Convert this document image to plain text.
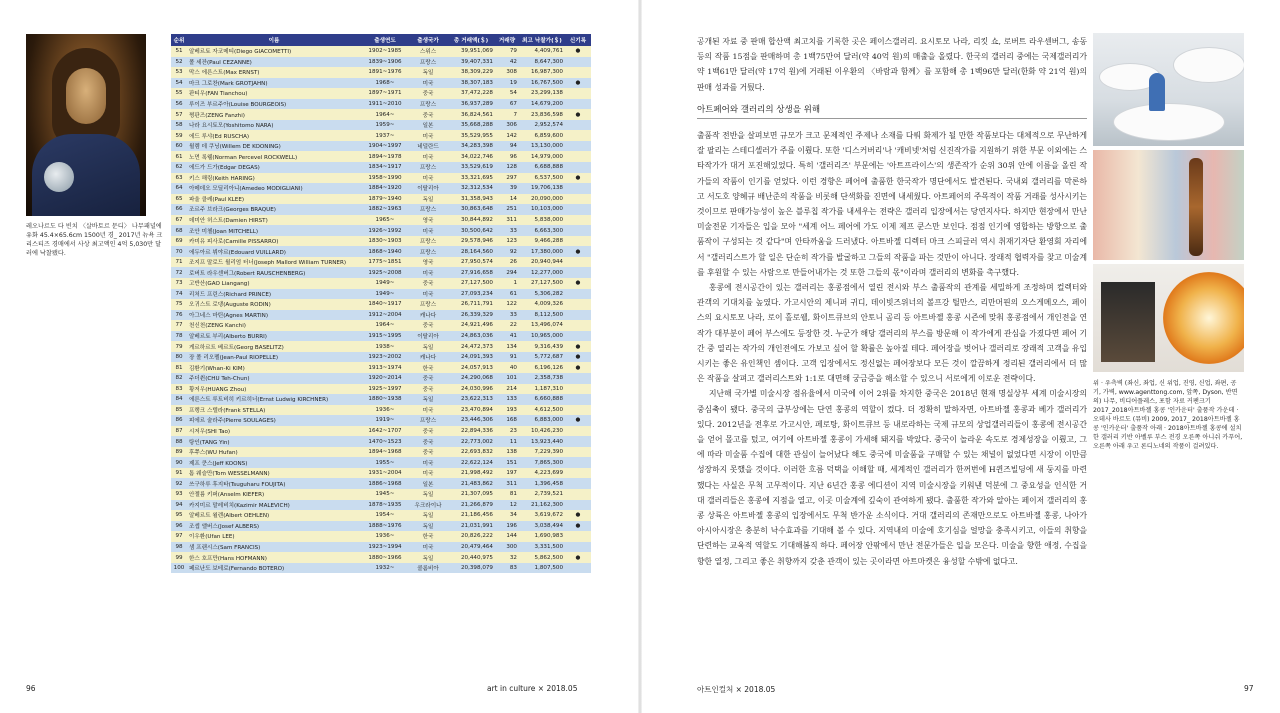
레오나르도 다 빈치 〈살바토르 문디〉 나무패널에 유화 45.4×65.6cm 1500년 경_ 2017년 뉴욕 크리스티즈 경매에서 사상 최고액인 4억 5,030만 달러에 낙찰됐다.
순위	이름	출생연도	출생국가	총 거래액(＄)	거래량	최고 낙찰가(＄)	신기록
51	알베르토 자코메티(Diego GIACOMETTI)	1902~1985	스위스	39,951,069	79	4,409,761	●
52	폴 세잔(Paul CEZANNE)	1839~1906	프랑스	39,407,331	42	8,647,300	
53	막스 에른스트(Max ERNST)	1891~1976	독일	38,309,229	308	16,987,300	
54	마크 그로찬(Mark GROTJAHN)	1968~	미국	38,307,183	19	16,767,500	●
55	판티우(FAN Tianchou)	1897~1971	중국	37,472,228	54	23,299,138	
56	루이즈 부르주아(Louise BOURGEOIS)	1911~2010	프랑스	36,937,289	67	14,679,200	
57	쩡판즈(ZENG Fanzhi)	1964~	중국	36,824,561	7	23,836,598	●
58	나라 요시토모(Yoshitomo NARA)	1959~	일본	35,668,288	306	2,952,574	
59	에드 루샤(Ed RUSCHA)	1937~	미국	35,529,955	142	6,859,600	
60	윌렘 데 쿠닝(Willem DE KOONING)	1904~1997	네덜란드	34,283,398	94	13,130,000	
61	노먼 록웰(Norman Percevel ROCKWELL)	1894~1978	미국	34,022,746	96	14,979,000	
62	에드가 드가(Edgar DEGAS)	1834~1917	프랑스	33,529,619	128	6,688,888	
63	키스 해링(Keith HARING)	1958~1990	미국	33,321,695	297	6,537,500	●
64	아메데오 모딜리아니(Amedeo MODIGLIANI)	1884~1920	이탈리아	32,312,534	39	19,706,138	
65	파울 클레(Paul KLEE)	1879~1940	독일	31,358,943	14	20,090,000	
66	조르주 브라크(Georges BRAQUE)	1882~1963	프랑스	30,863,648	251	10,103,000	
67	데미안 허스트(Damien HIRST)	1965~	영국	30,844,892	311	5,838,000	
68	조안 미첼(Joan MITCHELL)	1926~1992	미국	30,500,642	33	6,663,300	
69	카미유 피사로(Camille PISSARRO)	1830~1903	프랑스	29,578,946	123	9,466,288	
70	에두아르 뷔야르(Edouard VUILLARD)	1868~1940	프랑스	28,164,560	92	17,380,000	●
71	조지프 말로드 윌리엄 터너(Joseph Mallord William TURNER)	1775~1851	영국	27,950,574	26	20,940,944	
72	로버트 라우센버그(Robert RAUSCHENBERG)	1925~2008	미국	27,916,658	294	12,277,000	
73	고반산(GAO Liangang)	1949~	중국	27,127,500	1	27,127,500	●
74	리처드 프린스(Richard PRINCE)	1949~	미국	27,093,234	61	5,306,282	
75	오귀스트 로댕(Auguste RODIN)	1840~1917	프랑스	26,711,791	122	4,009,326	
76	아그네스 마틴(Agnes MARTIN)	1912~2004	캐나다	26,339,329	33	8,112,500	
77	천신천(ZENG Kanchi)	1964~	중국	24,921,496	22	13,496,074	
78	알베르토 부리(Alberto BURRI)	1915~1995	이탈리아	24,863,036	41	10,965,000	
79	게르하르트 베르트(Georg BASELITZ)	1938~	독일	24,472,373	134	9,316,439	●
80	장 폴 리오펠(Jean-Paul RIOPELLE)	1923~2002	캐나다	24,091,393	91	5,772,687	●
81	김환기(Whan-Ki KIM)	1913~1974	한국	24,057,913	40	6,196,126	●
82	주더췬(CHU Teh-Chun)	1920~2014	중국	24,290,068	101	2,358,738	
83	황저우(HUANG Zhou)	1925~1997	중국	24,030,996	214	1,187,310	
84	에른스트 루트비히 키르히너(Ernst Ludwig KIRCHNER)	1880~1938	독일	23,622,313	133	6,660,888	
85	프랭크 스텔라(Frank STELLA)	1936~	미국	23,470,894	193	4,612,500	
86	피에르 술라주(Pierre SOULAGES)	1919~	프랑스	23,446,306	168	6,883,000	●
87	시저우(SHI Tao)	1642~1707	중국	22,894,336	23	10,426,230	
88	탕인(TANG Yin)	1470~1523	중국	22,773,002	11	13,923,440	
89	후쭈스(WU Hufan)	1894~1968	중국	22,693,832	138	7,229,390	
90	제프 쿤스(Jeff KOONS)	1955~	미국	22,622,124	151	7,865,300	
91	톰 웨슬만(Tom WESSELMANN)	1931~2004	미국	21,998,492	197	4,223,699	
92	쓰구하루 후지타(Tsuguharu FOUJITA)	1886~1968	일본	21,483,862	311	1,396,458	
93	안젤름 키퍼(Anselm KIEFER)	1945~	독일	21,307,095	81	2,739,521	
94	카지미르 말레비치(Kazimir MALEVICH)	1878~1935	우크라이나	21,266,879	12	21,162,300	
95	알베르트 욀렌(Albert OEHLEN)	1954~	독일	21,186,456	34	3,619,672	●
96	조셉 앨버스(Josef ALBERS)	1888~1976	독일	21,031,991	196	3,038,494	●
97	이우환(Ufan LEE)	1936~	한국	20,826,222	144	1,690,983	
98	샘 프랜시스(Sam FRANCIS)	1923~1994	미국	20,479,464	300	3,331,500	
99	한스 호프만(Hans HOFMANN)	1880~1966	독일	20,440,975	32	5,862,500	●
100	페르난도 보테로(Fernando BOTERO)	1932~	콜롬비아	20,398,079	83	1,807,500	
96	art in culture × 2018.05
공개된 자료 중 판매 합산액 최고치를 기록한 곳은 페이스갤러리. 요시토모 나라, 리킷 쇼, 로버트 라우센버그, 송동 등의 작품 15점을 판매하며 총 1백75만여 달러(약 40억 원)의 매출을 올렸다. 한국의 갤러리 중에는 국제갤러리가 약 1백61만 달러(약 17억 원)에 거래된 이우환의 〈바람과 함께〉를 포함해 총 1백96만 달러(한화 약 21억 원)의 판매 성과를 거뒀다.
아트페어와 갤러리의 상생을 위해

출품작 전반을 살펴보면 규모가 크고 문제적인 주제나 소재를 다뤄 화제가 될 만한 작품보다는 대체적으로 무난하게 잘 팔리는 스테디셀러가 주를 이뤘다. 또한 '디스커버리'나 '캐비넷'처럼 신진작가를 지원하기 위한 부문 이외에는 스타작가가 대거 포진해있었다. 특히 '갤러리즈' 부문에는 '아트프라이스'의 생존작가 순위 30위 안에 이름을 올린 작가들의 작품이 인기를 얻었다. 이런 경향은 페어에 출품한 한국작가 명단에서도 발견된다. 국내외 갤러리를 막론하고 서도호 양혜규 배난준의 작품을 비롯해 단색화를 진면에 내세웠다. 아트페어의 주목적이 작품 거래를 성사시키는 것이므로 판매가능성이 높은 블루칩 작가를 내세우는 전략은 갤러리 입장에서는 당연지사다. 하지만 현장에서 만난 미술전문 기자들은 입을 모아 "세계 어느 페어에 가도 이제 제프 쿤스만 보인다. 점점 인기에 영합하는 방향으로 출품작이 구성되는 것 같다"며 안타까움을 드러냈다. 아트바젤 디렉터 마크 스피글러 역시 취재기자단 환영회 자리에서 "갤러리스트가 할 일은 단순히 작가를 발굴하고 그들의 작품을 파는 것만이 아니다. 장래적 협력자를 찾고 미술계를 후원할 수 있는 사람으로 만들어내가는 것 또한 그들의 몫"이라며 갤러리의 변화를 촉구했다.

홍콩에 전시공간이 있는 갤러리는 홍콩점에서 열린 전시와 부스 출품작의 관계를 세밀하게 조정하며 컬렉터와 관객의 기대치를 높였다. 가고시안의 제니퍼 귀디, 데이빗즈위너의 볼프강 틸만스, 리만머핀의 오스게메오스, 페이스의 요시토모 나라, 로이 홀로웰, 화이트큐브의 안토니 곰리 등 아트바젤 홍콩 시즌에 맞춰 홍콩점에서 개인전을 연 작가 대부분이 페어 부스에도 등장한 것. 누군가 해당 갤러리의 부스를 방문해 이 작가에게 관심을 가졌다면 페어 기간 중 열리는 작가의 개인전에도 가보고 싶어 할 확률은 높아질 테다. 페어장을 벗어나 갤러리로 장래적 고객을 유입시키는 좋은 유인책인 셈이다. 고객 입장에서도 정신없는 페어장보다 모든 것이 깔끔하게 정리된 갤러리에서 더 많은 작품을 살펴고 갤러리스트와 1:1로 대면해 궁금증을 해소할 수 있으니 서로에게 이로운 전략이다.

지난해 국가별 미술시장 점유율에서 미국에 이어 2위를 차지한 중국은 2018년 현재 명실상부 세계 미술시장의 중심축이 됐다. 중국의 급부상에는 단연 홍콩의 역할이 컸다. 더 정확히 말하자면, 아트바젤 홍콩과 베가 갤러리가 있다. 2012년을 전후로 가고시안, 페로탕, 화이트큐브 등 내로라하는 국제 규모의 상업갤러리들이 홍콩에 전시공간을 얻어 몰고를 텄고, 여기에 아트바젤 홍콩이 가세해 돼지를 박았다. 중국이 놀라운 속도로 경제성장을 이뤘고, 그에 따라 미술품 수집에 대한 관심이 늘어났다 해도 중국에 미술품을 구매할 수 있는 채널이 없었다면 시장이 이만큼 성장하지 못했을 것이다. 이러한 흐름 덕택을 이해할 때, 세계적인 갤러리가 한꺼번에 H퀸즈빌딩에 새 둥지를 마련했다는 사실은 무척 고무적이다. 지난 6년간 홍콩 에디션이 지역 미술시장을 키워낸 덕분에 그 중요성을 인식한 거대 갤러리들은 홍콩에 지점을 열고, 이곳 미술계에 깊숙이 관여하게 됐다. 출품한 작가와 알아는 페이저 갤러리의 홍콩 상륙은 아트바젤 홍콩의 입장에서도 무척 반가운 소식이다. 거대 갤러리의 존재만으로도 아트바젤 홍콩, 나아가 아시아시장은 충분히 낙수효과를 기대해 볼 수 있다. 지역내의 미술에 호기심을 얼망을 충족시키고, 이들의 취향을 단련하는 교육적 역할도 기대해봄직 하다. 페어장 안팎에서 만난 전문가들은 입을 모은다. 미술을 향한 애정, 수집을 향한 열정, 그리고 좋은 취향까지 갖춘 관객이 있는 곳이라면 아트마켓은 융성할 수밖에 없다고.

위 · 우측벽 (좌신, 좌업, 신 위업, 진영, 신업, 좌편, 공기, 가벽, www.agenttong.com, 앞쪽, Dyson, 반면의) 나무, 비디어플레스, 포함 자료 커팬크기 2017_2018아트바젤 홍콩 '인카운터' 출품작 가운데 · 오데사 바르도 (뮤비) 2009, 2017_ 2018아트바젤 홍콩 '인카운터' 출품작 아래 · 2018아트바젤 홍콩에 설치한 갤러리 키반 아벨루 부스 전경 오른쪽 아니쉬 카푸어, 오른쪽 아래 우고 론디노네의 작품이 걸려있다.
아트인컬처 × 2018.05	97
